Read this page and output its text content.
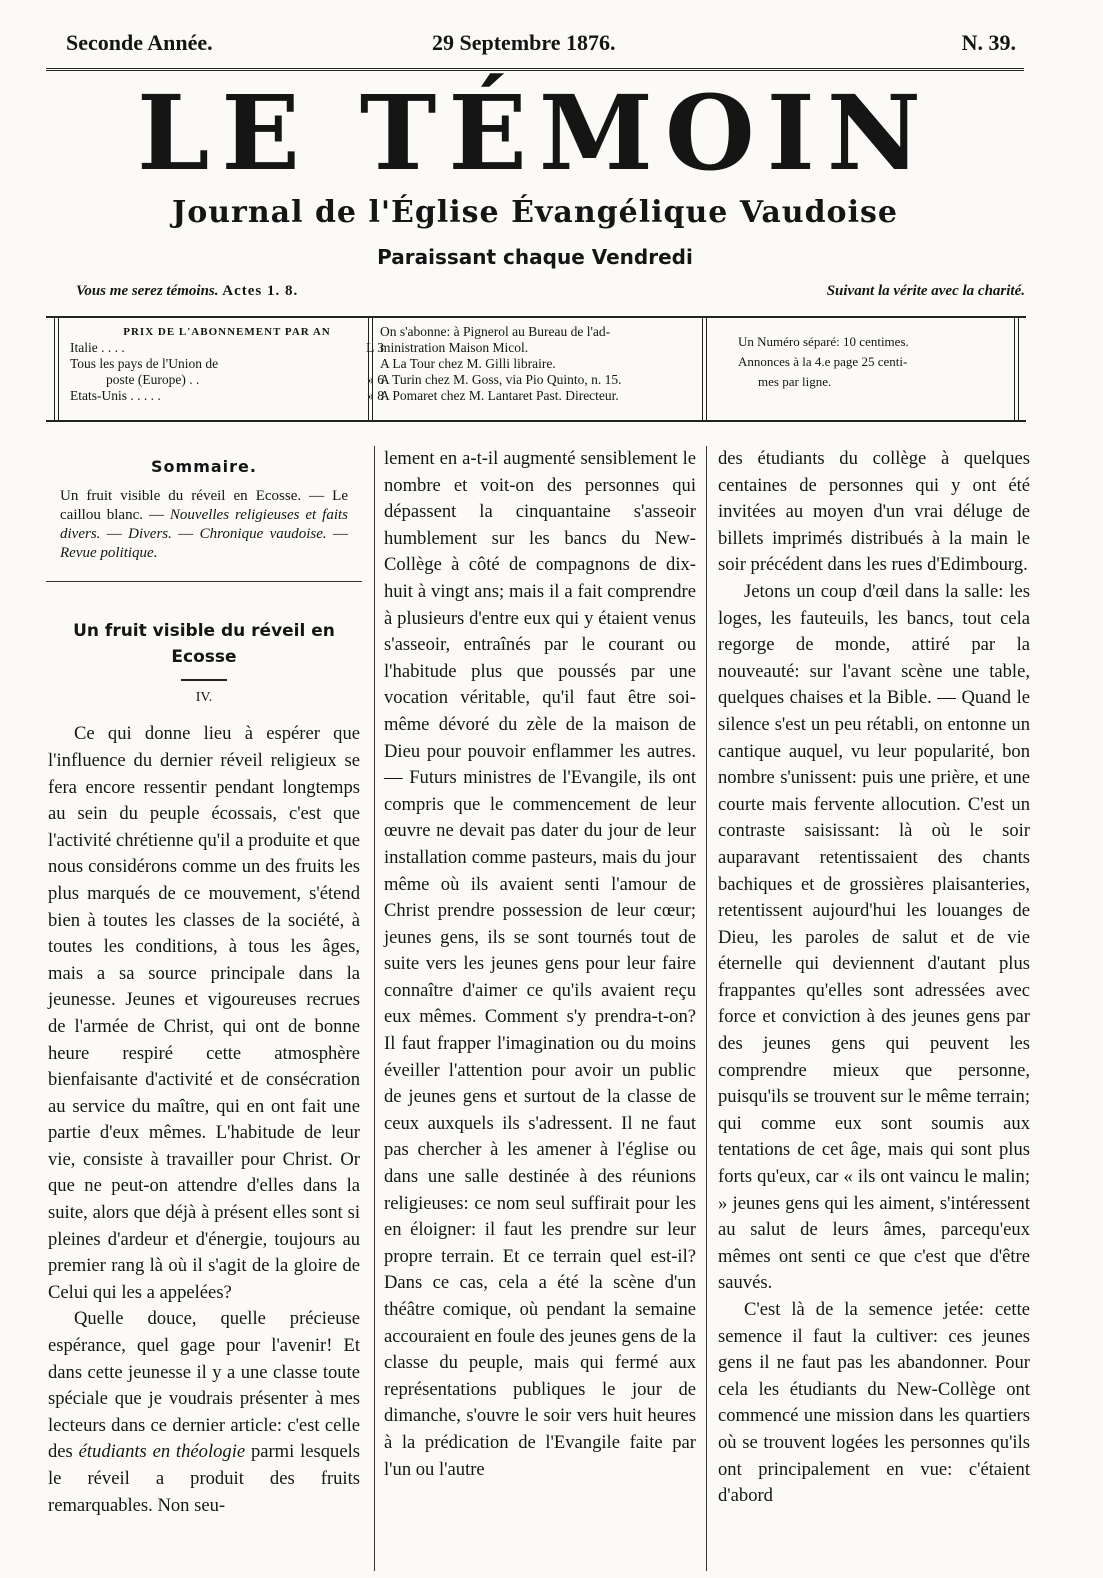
Seconde Année.	29 Septembre 1876.	N. 39.
LE TÉMOIN
Journal de l'Église Évangélique Vaudoise
Paraissant chaque Vendredi
Vous me serez témoins. Actes 1. 8.	Suivant la vérite avec la charité.
PRIX DE L'ABONNEMENT PAR AN
Italie . . . .	L 3
Tous les pays de l'Union de
poste (Europe) . .	» 6
Etats-Unis . . . . .	» 8
On s'abonne: à Pignerol au Bureau de l'ad-
ministration Maison Micol.
A La Tour chez M. Gilli libraire.
A Turin chez M. Goss, via Pio Quinto, n. 15.
A Pomaret chez M. Lantaret Past. Directeur.
Un Numéro séparé: 10 centimes.
Annonces à la 4.e page 25 centi-
mes par ligne.
Sommaire.
Un fruit visible du réveil en Ecosse. — Le caillou blanc. — Nouvelles religieuses et faits divers. — Divers. — Chronique vaudoise. — Revue politique.
Un fruit visible du réveil en Ecosse
IV.

Ce qui donne lieu à espérer que l'influence du dernier réveil religieux se fera encore ressentir pendant longtemps au sein du peuple écossais, c'est que l'activité chrétienne qu'il a produite et que nous considérons comme un des fruits les plus marqués de ce mouvement, s'étend bien à toutes les classes de la société, à toutes les conditions, à tous les âges, mais a sa source principale dans la jeunesse. Jeunes et vigoureuses recrues de l'armée de Christ, qui ont de bonne heure respiré cette atmosphère bienfaisante d'activité et de consécration au service du maître, qui en ont fait une partie d'eux mêmes. L'habitude de leur vie, consiste à travailler pour Christ. Or que ne peut-on attendre d'elles dans la suite, alors que déjà à présent elles sont si pleines d'ardeur et d'énergie, toujours au premier rang là où il s'agit de la gloire de Celui qui les a appelées?

Quelle douce, quelle précieuse espérance, quel gage pour l'avenir! Et dans cette jeunesse il y a une classe toute spéciale que je voudrais présenter à mes lecteurs dans ce dernier article: c'est celle des étudiants en théologie parmi lesquels le réveil a produit des fruits remarquables. Non seu-

lement en a-t-il augmenté sensiblement le nombre et voit-on des personnes qui dépassent la cinquantaine s'asseoir humblement sur les bancs du New-Collège à côté de compagnons de dix-huit à vingt ans; mais il a fait comprendre à plusieurs d'entre eux qui y étaient venus s'asseoir, entraînés par le courant ou l'habitude plus que poussés par une vocation véritable, qu'il faut être soi-même dévoré du zèle de la maison de Dieu pour pouvoir enflammer les autres. — Futurs ministres de l'Evangile, ils ont compris que le commencement de leur œuvre ne devait pas dater du jour de leur installation comme pasteurs, mais du jour même où ils avaient senti l'amour de Christ prendre possession de leur cœur; jeunes gens, ils se sont tournés tout de suite vers les jeunes gens pour leur faire connaître d'aimer ce qu'ils avaient reçu eux mêmes. Comment s'y prendra-t-on? Il faut frapper l'imagination ou du moins éveiller l'attention pour avoir un public de jeunes gens et surtout de la classe de ceux auxquels ils s'adressent. Il ne faut pas chercher à les amener à l'église ou dans une salle destinée à des réunions religieuses: ce nom seul suffirait pour les en éloigner: il faut les prendre sur leur propre terrain. Et ce terrain quel est-il? Dans ce cas, cela a été la scène d'un théâtre comique, où pendant la semaine accouraient en foule des jeunes gens de la classe du peuple, mais qui fermé aux représentations publiques le jour de dimanche, s'ouvre le soir vers huit heures à la prédication de l'Evangile faite par l'un ou l'autre

des étudiants du collège à quelques centaines de personnes qui y ont été invitées au moyen d'un vrai déluge de billets imprimés distribués à la main le soir précédent dans les rues d'Edimbourg.

Jetons un coup d'œil dans la salle: les loges, les fauteuils, les bancs, tout cela regorge de monde, attiré par la nouveauté: sur l'avant scène une table, quelques chaises et la Bible. — Quand le silence s'est un peu rétabli, on entonne un cantique auquel, vu leur popularité, bon nombre s'unissent: puis une prière, et une courte mais fervente allocution. C'est un contraste saisissant: là où le soir auparavant retentissaient des chants bachiques et de grossières plaisanteries, retentissent aujourd'hui les louanges de Dieu, les paroles de salut et de vie éternelle qui deviennent d'autant plus frappantes qu'elles sont adressées avec force et conviction à des jeunes gens par des jeunes gens qui peuvent les comprendre mieux que personne, puisqu'ils se trouvent sur le même terrain; qui comme eux sont soumis aux tentations de cet âge, mais qui sont plus forts qu'eux, car « ils ont vaincu le malin; » jeunes gens qui les aiment, s'intéressent au salut de leurs âmes, parcequ'eux mêmes ont senti ce que c'est que d'être sauvés.

C'est là de la semence jetée: cette semence il faut la cultiver: ces jeunes gens il ne faut pas les abandonner. Pour cela les étudiants du New-Collège ont commencé une mission dans les quartiers où se trouvent logées les personnes qu'ils ont principalement en vue: c'étaient d'abord
